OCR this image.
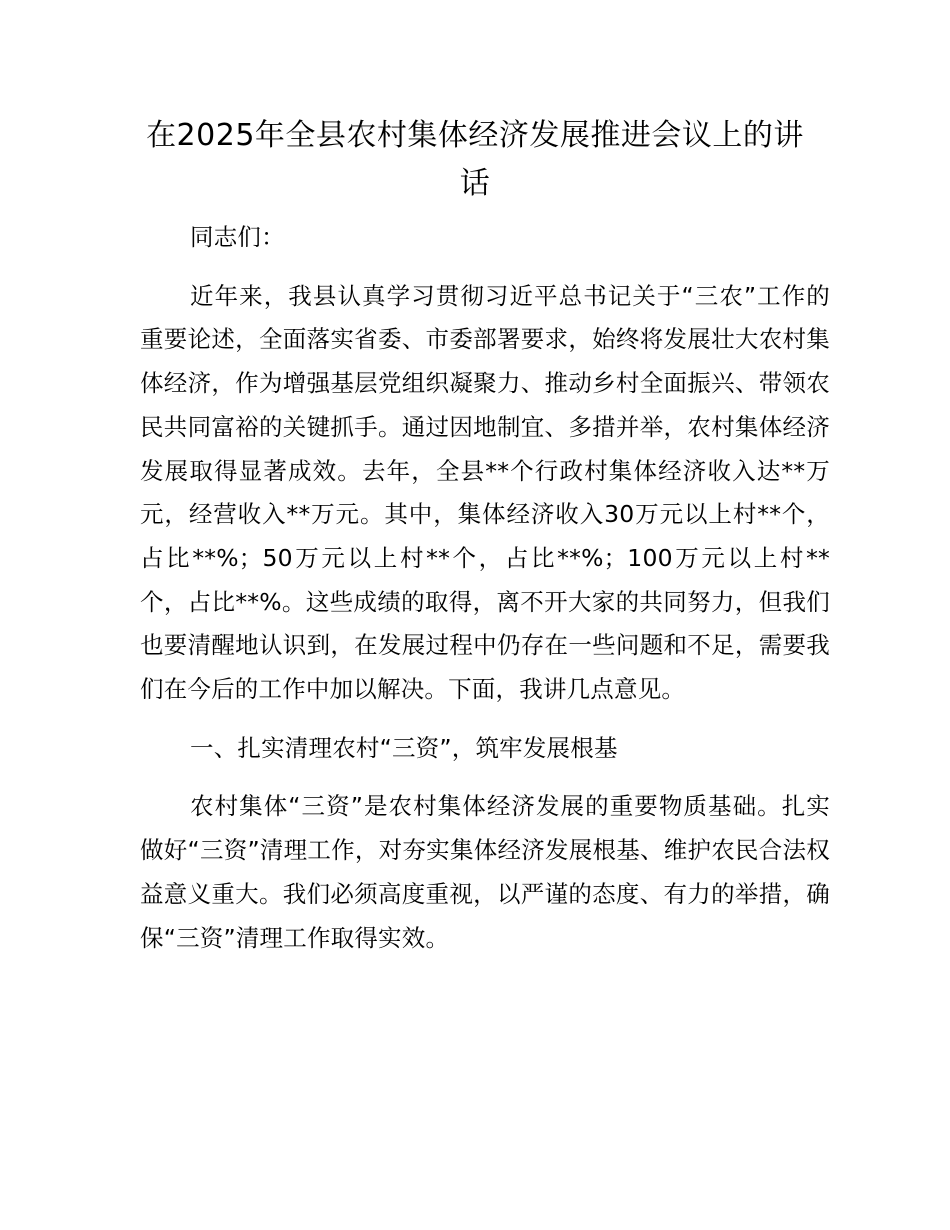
在2025年全县农村集体经济发展推进会议上的讲话

同志们：

近年来，我县认真学习贯彻习近平总书记关于“三农”工作的重要论述，全面落实省委、市委部署要求，始终将发展壮大农村集体经济，作为增强基层党组织凝聚力、推动乡村全面振兴、带领农民共同富裕的关键抓手。通过因地制宜、多措并举，农村集体经济发展取得显著成效。去年，全县**个行政村集体经济收入达**万元，经营收入**万元。其中，集体经济收入30万元以上村**个，占比**%；50万元以上村**个，占比**%；100万元以上村**个，占比**%。这些成绩的取得，离不开大家的共同努力，但我们也要清醒地认识到，在发展过程中仍存在一些问题和不足，需要我们在今后的工作中加以解决。下面，我讲几点意见。

一、扎实清理农村“三资”，筑牢发展根基

农村集体“三资”是农村集体经济发展的重要物质基础。扎实做好“三资”清理工作，对夯实集体经济发展根基、维护农民合法权益意义重大。我们必须高度重视，以严谨的态度、有力的举措，确保“三资”清理工作取得实效。
